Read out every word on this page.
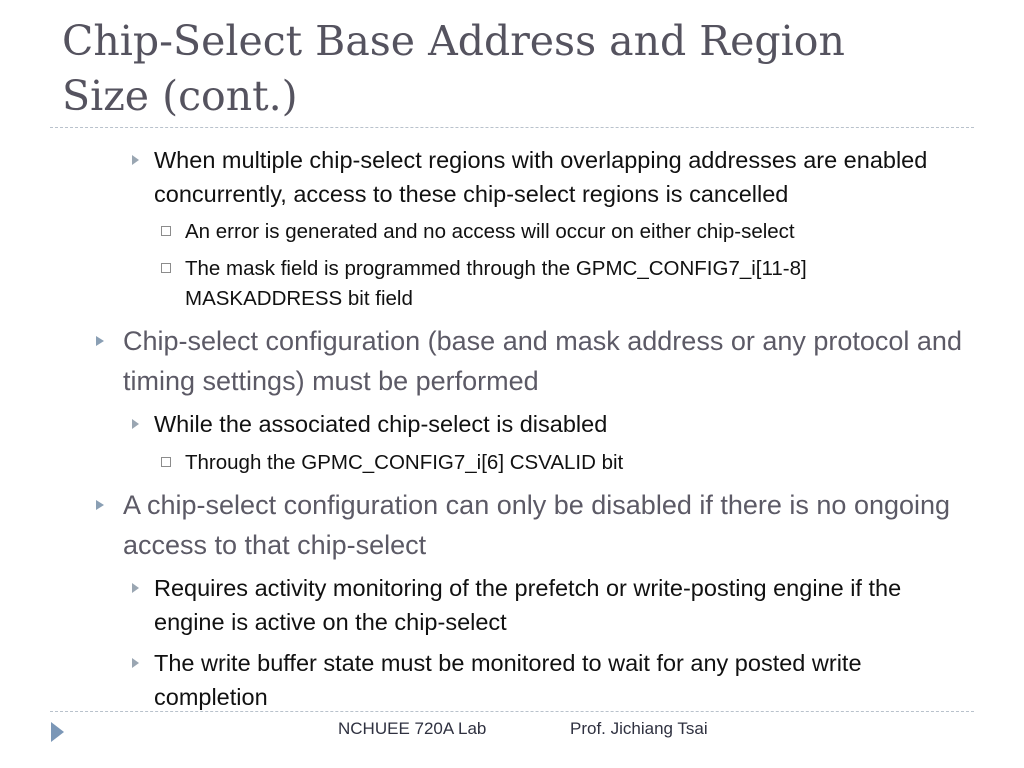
Chip-Select Base Address and Region
Size (cont.)
When multiple chip-select regions with overlapping addresses are enabled concurrently, access to these chip-select regions is cancelled
An error is generated and no access will occur on either chip-select
The mask field is programmed through the GPMC_CONFIG7_i[11-8] MASKADDRESS bit field
Chip-select configuration (base and mask address or any protocol and timing settings) must be performed
While the associated chip-select is disabled
Through the GPMC_CONFIG7_i[6] CSVALID bit
A chip-select configuration can only be disabled if there is no ongoing access to that chip-select
Requires activity monitoring of the prefetch or write-posting engine if the engine is active on the chip-select
The write buffer state must be monitored to wait for any posted write completion
NCHUEE 720A Lab	Prof. Jichiang Tsai
